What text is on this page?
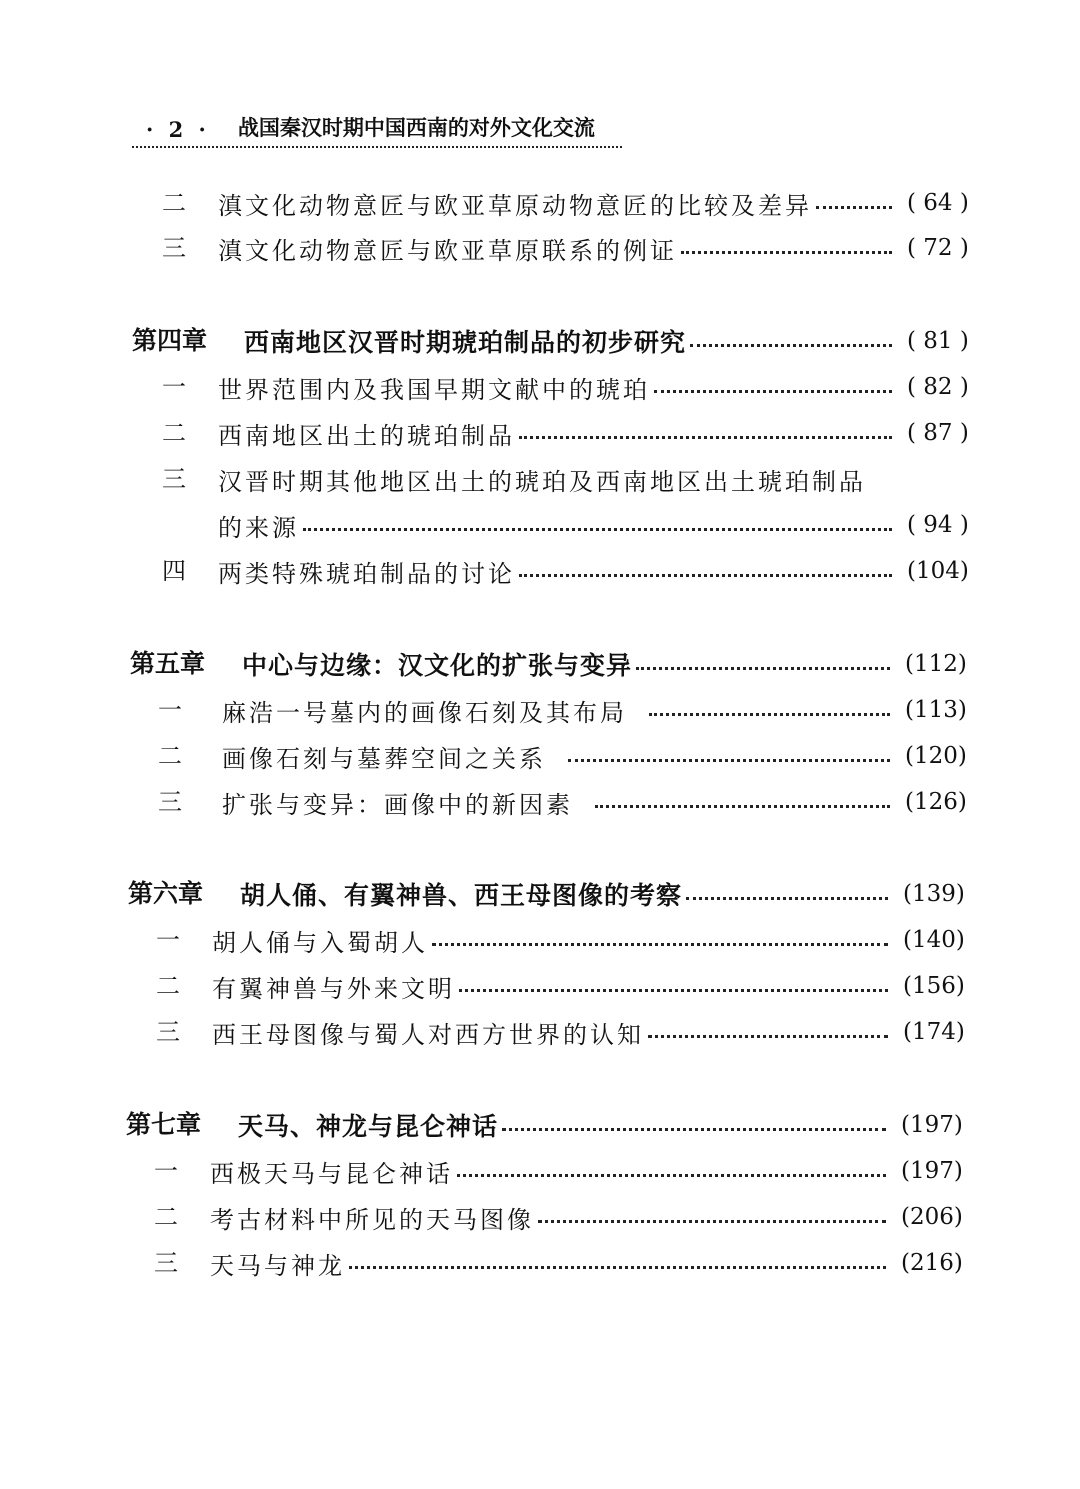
· 2 · 战国秦汉时期中国西南的对外文化交流
二 滇文化动物意匠与欧亚草原动物意匠的比较及差异	( 64 )
三 滇文化动物意匠与欧亚草原联系的例证	( 72 )
第四章 西南地区汉晋时期琥珀制品的初步研究	( 81 )
一 世界范围内及我国早期文献中的琥珀	( 82 )
二 西南地区出土的琥珀制品	( 87 )
三 汉晋时期其他地区出土的琥珀及西南地区出土琥珀制品
的来源	( 94 )
四 两类特殊琥珀制品的讨论	(104)
第五章 中心与边缘：汉文化的扩张与变异	(112)
一 麻浩一号墓内的画像石刻及其布局	(113)
二 画像石刻与墓葬空间之关系	(120)
三 扩张与变异：画像中的新因素	(126)
第六章 胡人俑、有翼神兽、西王母图像的考察	(139)
一 胡人俑与入蜀胡人	(140)
二 有翼神兽与外来文明	(156)
三 西王母图像与蜀人对西方世界的认知	(174)
第七章 天马、神龙与昆仑神话	(197)
一 西极天马与昆仑神话	(197)
二 考古材料中所见的天马图像	(206)
三 天马与神龙	(216)
